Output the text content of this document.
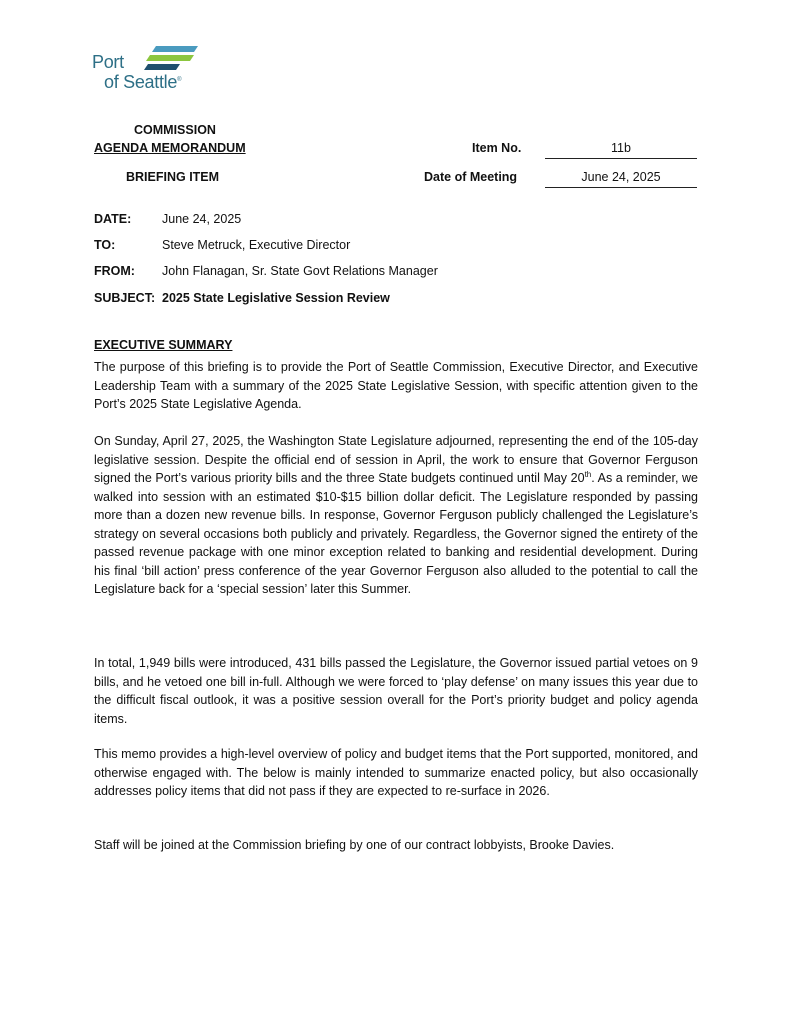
Port
of Seattle®
COMMISSION
AGENDA MEMORANDUM
BRIEFING ITEM
Item No.	11b
Date of Meeting	June 24, 2025
DATE: June 24, 2025
TO:	Steve Metruck, Executive Director
FROM: John Flanagan, Sr. State Govt Relations Manager
SUBJECT: 2025 State Legislative Session Review
EXECUTIVE SUMMARY

The purpose of this briefing is to provide the Port of Seattle Commission, Executive Director, and Executive Leadership Team with a summary of the 2025 State Legislative Session, with specific attention given to the Port’s 2025 State Legislative Agenda.

On Sunday, April 27, 2025, the Washington State Legislature adjourned, representing the end of the 105-day legislative session. Despite the official end of session in April, the work to ensure that Governor Ferguson signed the Port’s various priority bills and the three State budgets continued until May 20th. As a reminder, we walked into session with an estimated $10-$15 billion dollar deficit. The Legislature responded by passing more than a dozen new revenue bills. In response, Governor Ferguson publicly challenged the Legislature’s strategy on several occasions both publicly and privately. Regardless, the Governor signed the entirety of the passed revenue package with one minor exception related to banking and residential development. During his final ‘bill action’ press conference of the year Governor Ferguson also alluded to the potential to call the Legislature back for a ‘special session’ later this Summer.

In total, 1,949 bills were introduced, 431 bills passed the Legislature, the Governor issued partial vetoes on 9 bills, and he vetoed one bill in-full. Although we were forced to ‘play defense’ on many issues this year due to the difficult fiscal outlook, it was a positive session overall for the Port’s priority budget and policy agenda items.

This memo provides a high-level overview of policy and budget items that the Port supported, monitored, and otherwise engaged with. The below is mainly intended to summarize enacted policy, but also occasionally addresses policy items that did not pass if they are expected to re-surface in 2026.

Staff will be joined at the Commission briefing by one of our contract lobbyists, Brooke Davies.
